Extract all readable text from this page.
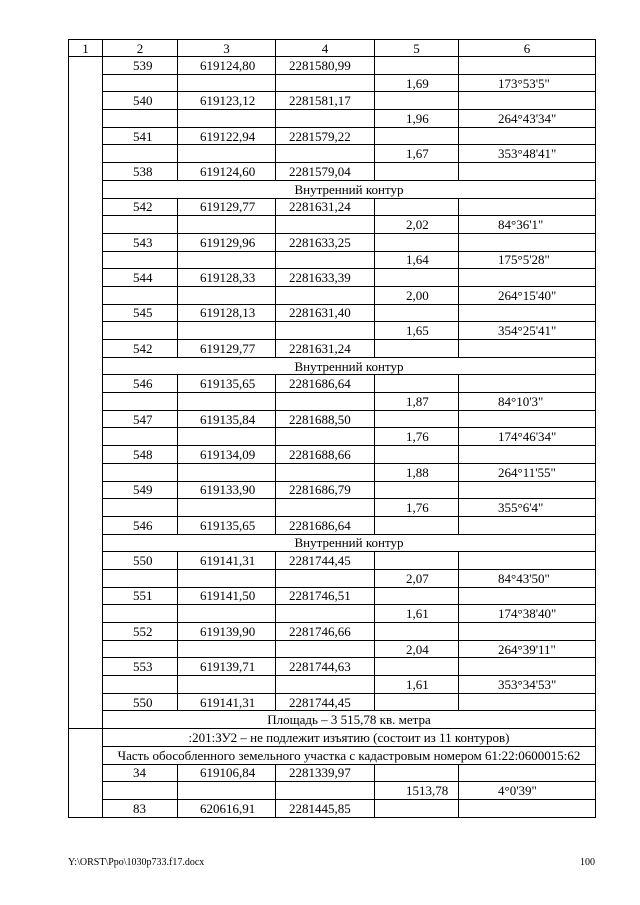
1	2	3	4	5	6
	539	619124,80	2281580,99		
				1,69	173°53'5"
	540	619123,12	2281581,17		
				1,96	264°43'34"
	541	619122,94	2281579,22		
				1,67	353°48'41"
	538	619124,60	2281579,04		
	Внутренний контур				
	542	619129,77	2281631,24		
				2,02	84°36'1"
	543	619129,96	2281633,25		
				1,64	175°5'28"
	544	619128,33	2281633,39		
				2,00	264°15'40"
	545	619128,13	2281631,40		
				1,65	354°25'41"
	542	619129,77	2281631,24		
	Внутренний контур				
	546	619135,65	2281686,64		
				1,87	84°10'3"
	547	619135,84	2281688,50		
				1,76	174°46'34"
	548	619134,09	2281688,66		
				1,88	264°11'55"
	549	619133,90	2281686,79		
				1,76	355°6'4"
	546	619135,65	2281686,64		
	Внутренний контур				
	550	619141,31	2281744,45		
				2,07	84°43'50"
	551	619141,50	2281746,51		
				1,61	174°38'40"
	552	619139,90	2281746,66		
				2,04	264°39'11"
	553	619139,71	2281744,63		
				1,61	353°34'53"
	550	619141,31	2281744,45		
	Площадь – 3 515,78 кв. метра				
	:201:ЗУ2 – не подлежит изъятию (состоит из 11 контуров)				
	Часть обособленного земельного участка с кадастровым номером 61:22:0600015:62				
	34	619106,84	2281339,97		
				1513,78	4°0'39"
	83	620616,91	2281445,85		
Y:\ORST\Ppo\1030p733.f17.docx	100
